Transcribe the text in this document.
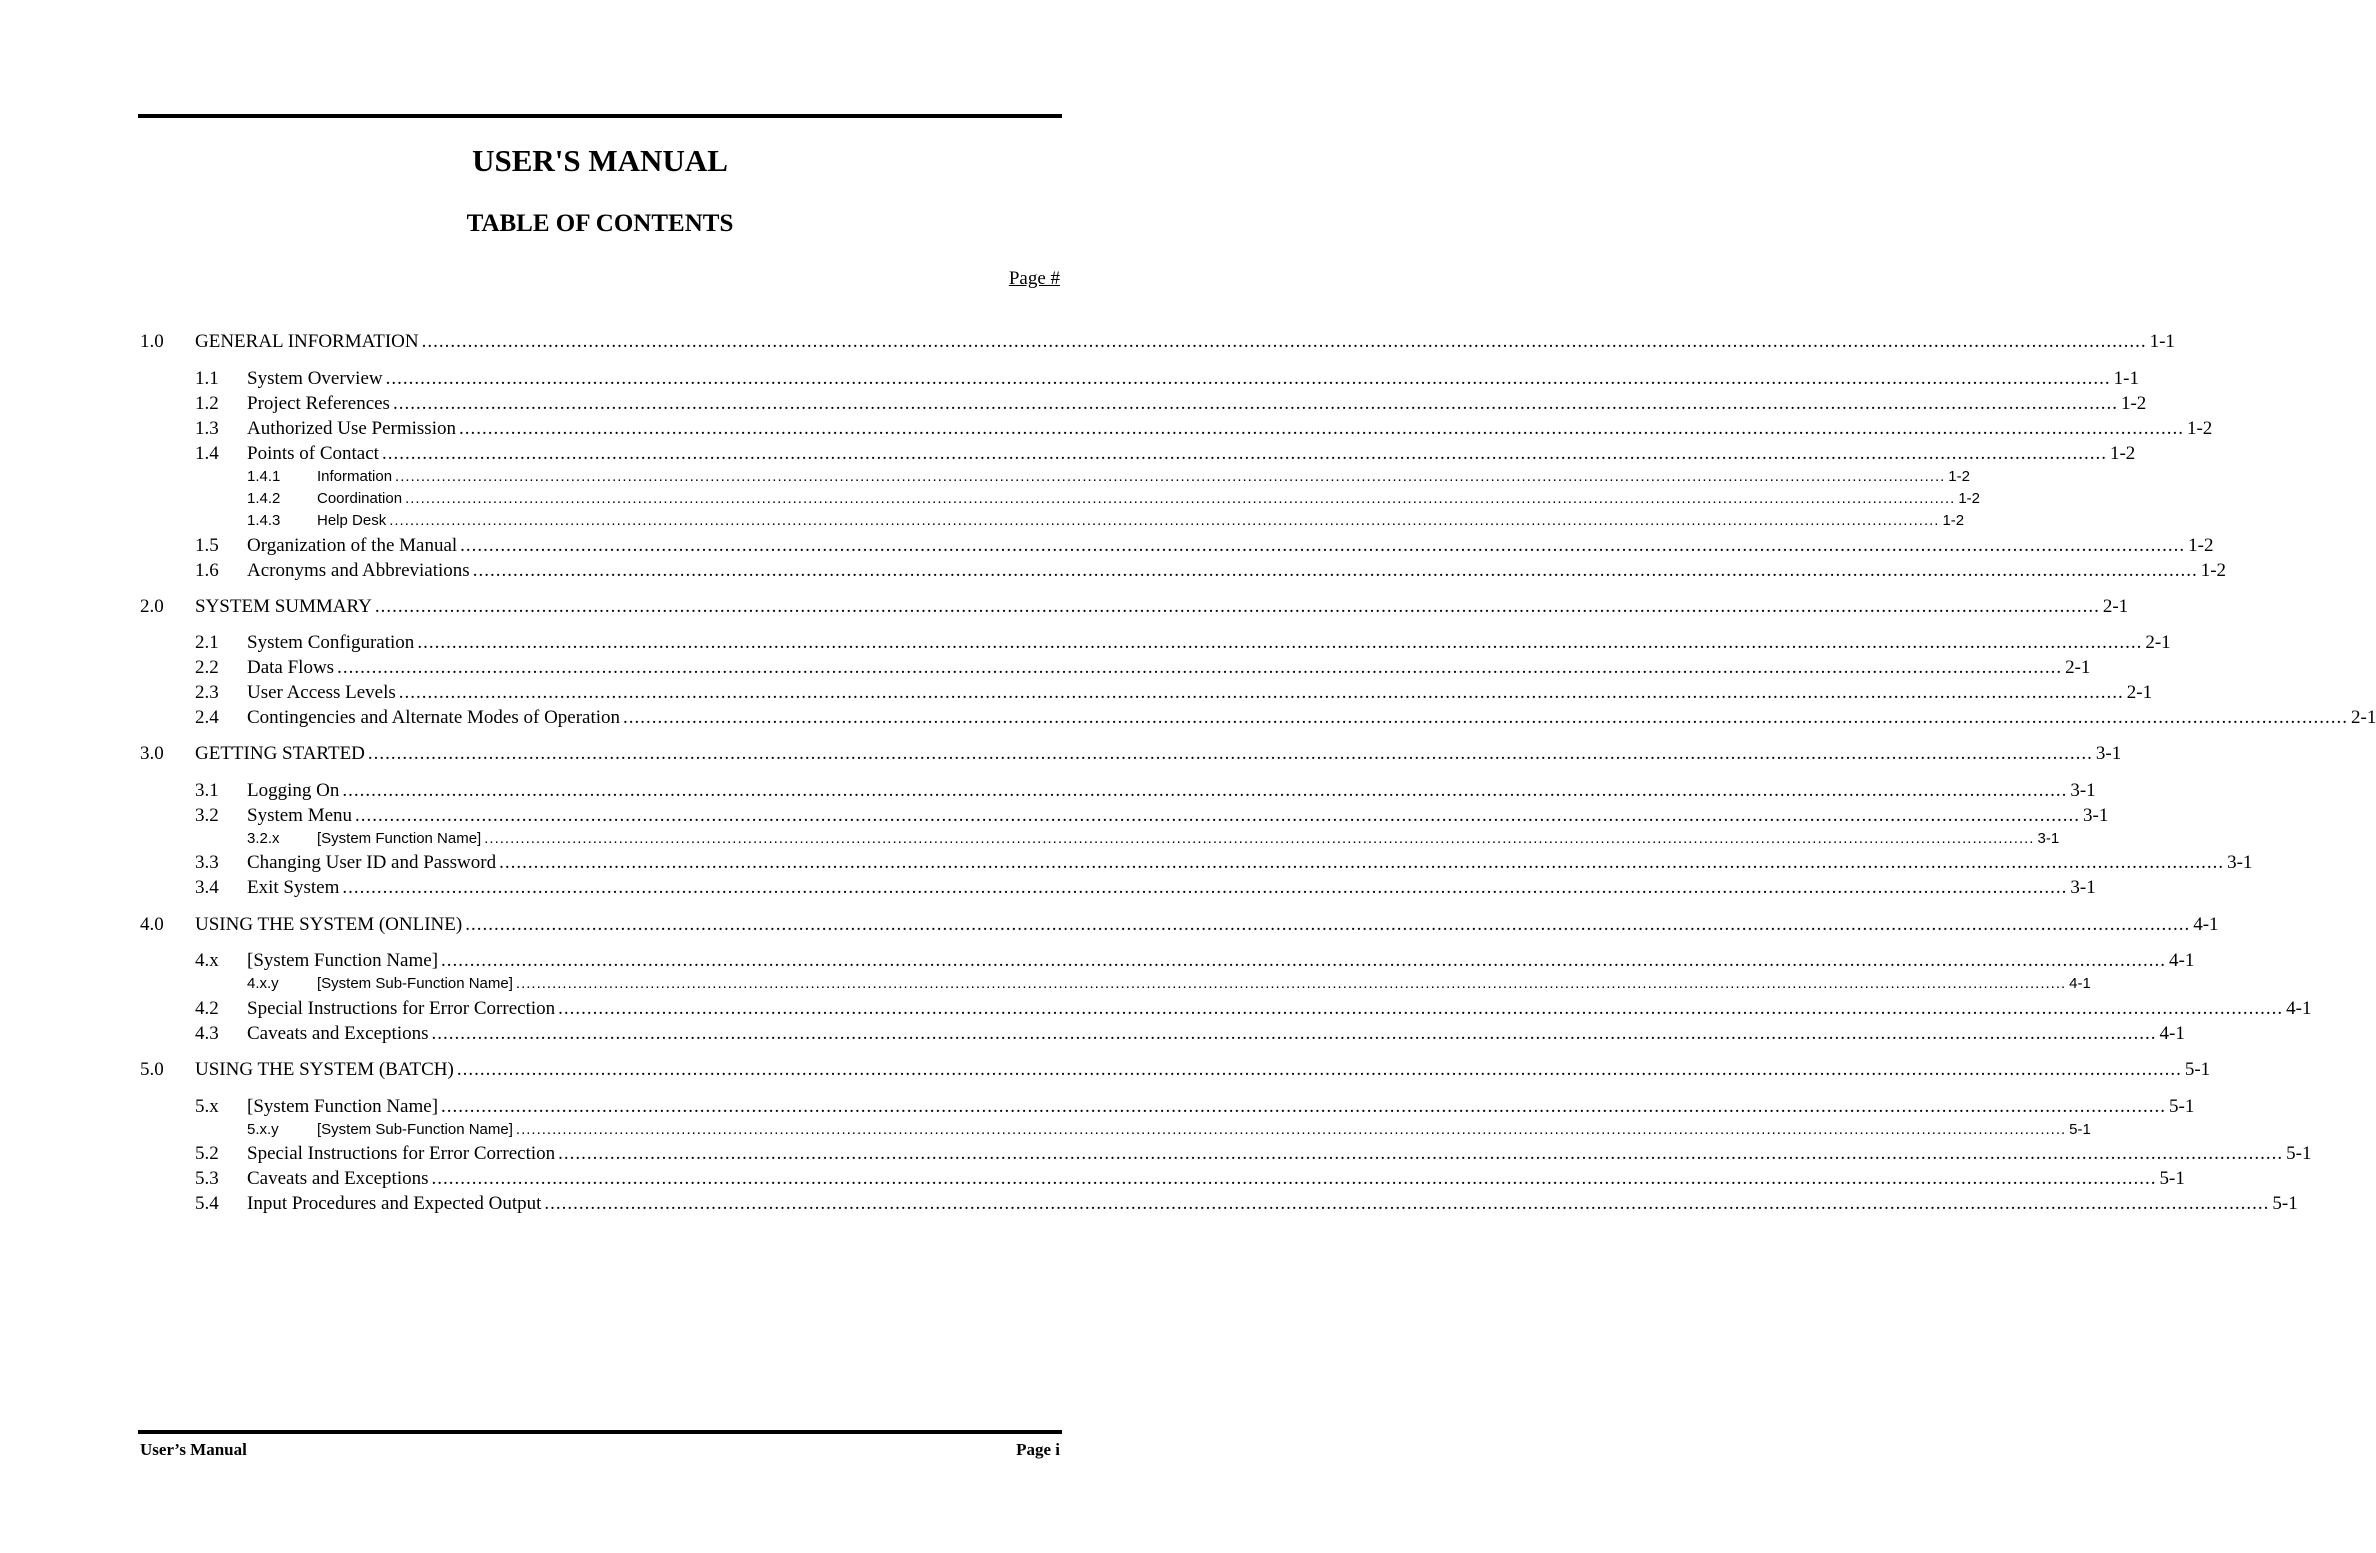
USER'S MANUAL
TABLE OF CONTENTS
Page #
1.0	GENERAL INFORMATION ............................................................................................................................................................................................................................................................................................................ 1-1
1.1	System Overview ............................................................................................................................................................................................................................................................................................................ 1-1
1.2	Project References ............................................................................................................................................................................................................................................................................................................ 1-2
1.3	Authorized Use Permission ............................................................................................................................................................................................................................................................................................................ 1-2
1.4	Points of Contact ............................................................................................................................................................................................................................................................................................................ 1-2
1.4.1	Information ............................................................................................................................................................................................................................................................................................................ 1-2
1.4.2	Coordination ............................................................................................................................................................................................................................................................................................................ 1-2
1.4.3	Help Desk ............................................................................................................................................................................................................................................................................................................ 1-2
1.5	Organization of the Manual ............................................................................................................................................................................................................................................................................................................ 1-2
1.6	Acronyms and Abbreviations ............................................................................................................................................................................................................................................................................................................ 1-2
2.0	SYSTEM SUMMARY ............................................................................................................................................................................................................................................................................................................ 2-1
2.1	System Configuration ............................................................................................................................................................................................................................................................................................................ 2-1
2.2	Data Flows ............................................................................................................................................................................................................................................................................................................ 2-1
2.3	User Access Levels ............................................................................................................................................................................................................................................................................................................ 2-1
2.4	Contingencies and Alternate Modes of Operation ............................................................................................................................................................................................................................................................................................................ 2-1
3.0	GETTING STARTED ............................................................................................................................................................................................................................................................................................................ 3-1
3.1	Logging On ............................................................................................................................................................................................................................................................................................................ 3-1
3.2	System Menu ............................................................................................................................................................................................................................................................................................................ 3-1
3.2.x	[System Function Name] ............................................................................................................................................................................................................................................................................................................ 3-1
3.3	Changing User ID and Password ............................................................................................................................................................................................................................................................................................................ 3-1
3.4	Exit System ............................................................................................................................................................................................................................................................................................................ 3-1
4.0	USING THE SYSTEM (ONLINE) ............................................................................................................................................................................................................................................................................................................ 4-1
4.x	[System Function Name] ............................................................................................................................................................................................................................................................................................................ 4-1
4.x.y	[System Sub-Function Name] ............................................................................................................................................................................................................................................................................................................ 4-1
4.2	Special Instructions for Error Correction ............................................................................................................................................................................................................................................................................................................ 4-1
4.3	Caveats and Exceptions ............................................................................................................................................................................................................................................................................................................ 4-1
5.0	USING THE SYSTEM (BATCH) ............................................................................................................................................................................................................................................................................................................ 5-1
5.x	[System Function Name] ............................................................................................................................................................................................................................................................................................................ 5-1
5.x.y	[System Sub-Function Name] ............................................................................................................................................................................................................................................................................................................ 5-1
5.2	Special Instructions for Error Correction ............................................................................................................................................................................................................................................................................................................ 5-1
5.3	Caveats and Exceptions ............................................................................................................................................................................................................................................................................................................ 5-1
5.4	Input Procedures and Expected Output ............................................................................................................................................................................................................................................................................................................ 5-1
User’s Manual	Page i
